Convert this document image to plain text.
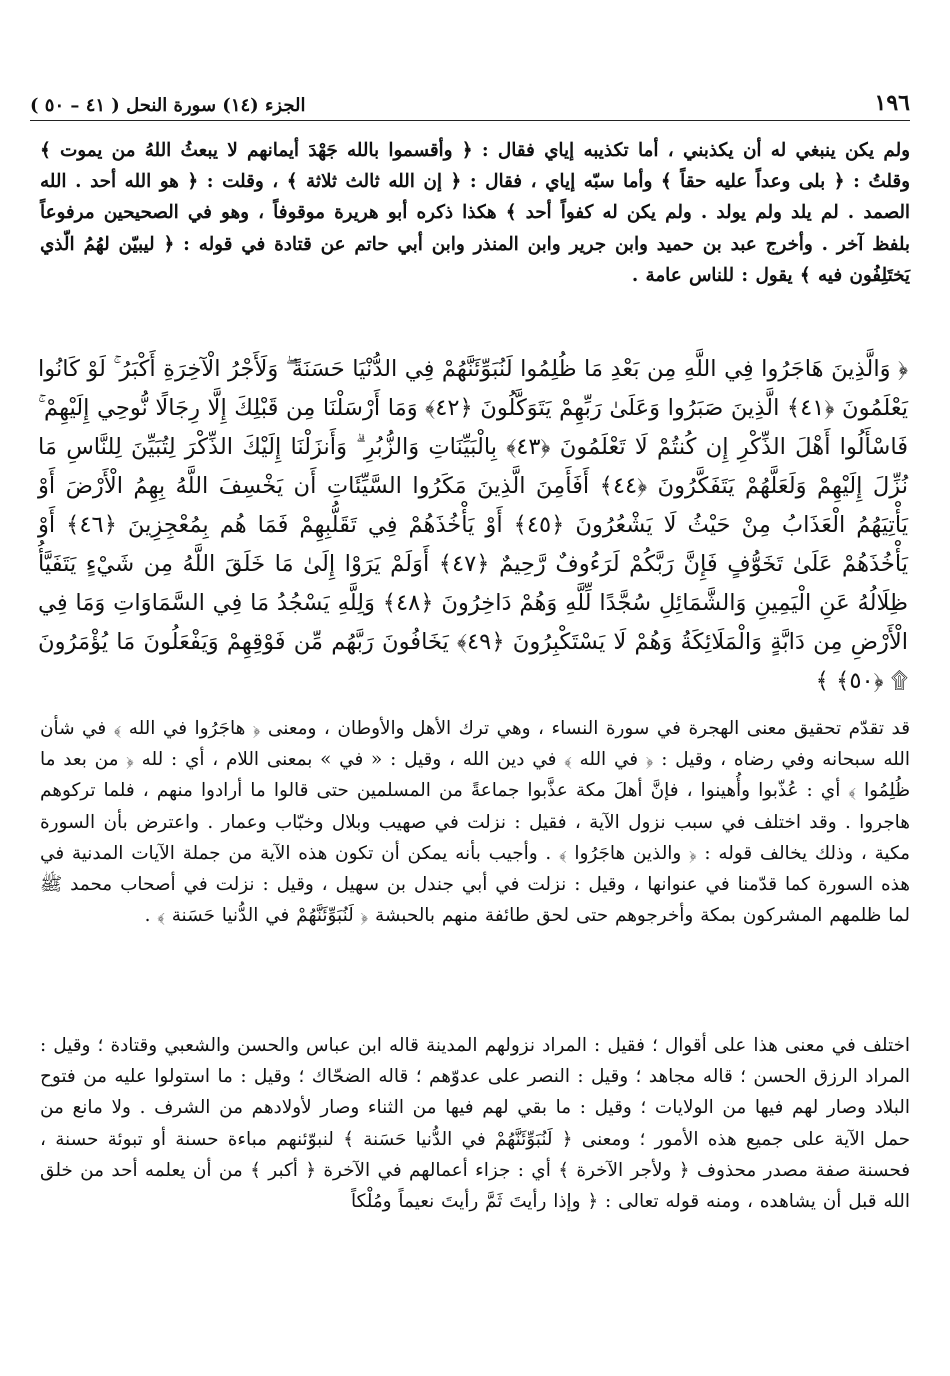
١٩٦
الجزء (١٤) سورة النحل ( ٤١ – ٥٠ )

ولم يكن ينبغي له أن يكذبني ، أما تكذيبه إياي فقال : ﴿ وأقسموا بالله جَهْدَ أيمانهم لا يبعثُ اللهُ من يموت ﴾ وقلتُ : ﴿ بلى وعداً عليه حقاً ﴾ وأما سبّه إياي ، فقال : ﴿ إن الله ثالث ثلاثة ﴾ ، وقلت : ﴿ هو الله أحد . الله الصمد . لم يلد ولم يولد . ولم يكن له كفواً أحد ﴾ هكذا ذكره أبو هريرة موقوفاً ، وهو في الصحيحين مرفوعاً بلفظ آخر . وأخرج عبد بن حميد وابن جرير وابن المنذر وابن أبي حاتم عن قتادة في قوله : ﴿ ليبيّن لهُمُ الّذي يَختَلِفُون فيه ﴾ يقول : للناس عامة .

﴿ وَالَّذِينَ هَاجَرُوا فِي اللَّهِ مِن بَعْدِ مَا ظُلِمُوا لَنُبَوِّئَنَّهُمْ فِي الدُّنْيَا حَسَنَةً ۖ وَلَأَجْرُ الْآخِرَةِ أَكْبَرُ ۚ لَوْ كَانُوا يَعْلَمُونَ ﴿٤١﴾ الَّذِينَ صَبَرُوا وَعَلَىٰ رَبِّهِمْ يَتَوَكَّلُونَ ﴿٤٢﴾ وَمَا أَرْسَلْنَا مِن قَبْلِكَ إِلَّا رِجَالًا نُّوحِي إِلَيْهِمْ ۚ فَاسْأَلُوا أَهْلَ الذِّكْرِ إِن كُنتُمْ لَا تَعْلَمُونَ ﴿٤٣﴾ بِالْبَيِّنَاتِ وَالزُّبُرِ ۗ وَأَنزَلْنَا إِلَيْكَ الذِّكْرَ لِتُبَيِّنَ لِلنَّاسِ مَا نُزِّلَ إِلَيْهِمْ وَلَعَلَّهُمْ يَتَفَكَّرُونَ ﴿٤٤﴾ أَفَأَمِنَ الَّذِينَ مَكَرُوا السَّيِّئَاتِ أَن يَخْسِفَ اللَّهُ بِهِمُ الْأَرْضَ أَوْ يَأْتِيَهُمُ الْعَذَابُ مِنْ حَيْثُ لَا يَشْعُرُونَ ﴿٤٥﴾ أَوْ يَأْخُذَهُمْ فِي تَقَلُّبِهِمْ فَمَا هُم بِمُعْجِزِينَ ﴿٤٦﴾ أَوْ يَأْخُذَهُمْ عَلَىٰ تَخَوُّفٍ فَإِنَّ رَبَّكُمْ لَرَءُوفٌ رَّحِيمٌ ﴿٤٧﴾ أَوَلَمْ يَرَوْا إِلَىٰ مَا خَلَقَ اللَّهُ مِن شَيْءٍ يَتَفَيَّأُ ظِلَالُهُ عَنِ الْيَمِينِ وَالشَّمَائِلِ سُجَّدًا لِّلَّهِ وَهُمْ دَاخِرُونَ ﴿٤٨﴾ وَلِلَّهِ يَسْجُدُ مَا فِي السَّمَاوَاتِ وَمَا فِي الْأَرْضِ مِن دَابَّةٍ وَالْمَلَائِكَةُ وَهُمْ لَا يَسْتَكْبِرُونَ ﴿٤٩﴾ يَخَافُونَ رَبَّهُم مِّن فَوْقِهِمْ وَيَفْعَلُونَ مَا يُؤْمَرُونَ ۩ ﴿٥٠﴾ ﴾

قد تقدّم تحقيق معنى الهجرة في سورة النساء ، وهي ترك الأهل والأوطان ، ومعنى ﴿ هاجَرُوا في الله ﴾ في شأن الله سبحانه وفي رضاه ، وقيل : ﴿ في الله ﴾ في دين الله ، وقيل : « في » بمعنى اللام ، أي : لله ﴿ من بعد ما ظُلِمُوا ﴾ أي : عُذّبوا وأُهينوا ، فإنَّ أهلَ مكة عذَّبوا جماعةً من المسلمين حتى قالوا ما أرادوا منهم ، فلما تركوهم هاجروا . وقد اختلف في سبب نزول الآية ، فقيل : نزلت في صهيب وبلال وخبّاب وعمار . واعترض بأن السورة مكية ، وذلك يخالف قوله : ﴿ والذين هاجَرُوا ﴾ . وأجيب بأنه يمكن أن تكون هذه الآية من جملة الآيات المدنية في هذه السورة كما قدّمنا في عنوانها ، وقيل : نزلت في أبي جندل بن سهيل ، وقيل : نزلت في أصحاب محمد ﷺ لما ظلمهم المشركون بمكة وأخرجوهم حتى لحق طائفة منهم بالحبشة ﴿ لَنُبَوِّئَنَّهُمْ في الدُّنيا حَسَنة ﴾ .

اختلف في معنى هذا على أقوال ؛ فقيل : المراد نزولهم المدينة قاله ابن عباس والحسن والشعبي وقتادة ؛ وقيل : المراد الرزق الحسن ؛ قاله مجاهد ؛ وقيل : النصر على عدوّهم ؛ قاله الضحّاك ؛ وقيل : ما استولوا عليه من فتوح البلاد وصار لهم فيها من الولايات ؛ وقيل : ما بقي لهم فيها من الثناء وصار لأولادهم من الشرف . ولا مانع من حمل الآية على جميع هذه الأمور ؛ ومعنى ﴿ لَنُبَوِّئَنَّهُمْ في الدُّنيا حَسَنة ﴾ لنبوّئنهم مباءة حسنة أو تبوئة حسنة ، فحسنة صفة مصدر محذوف ﴿ ولأجر الآخرة ﴾ أي : جزاء أعمالهم في الآخرة ﴿ أكبر ﴾ من أن يعلمه أحد من خلق الله قبل أن يشاهده ، ومنه قوله تعالى : ﴿ وإذا رأيتَ ثَمَّ رأيتَ نعيماً ومُلْكاً
